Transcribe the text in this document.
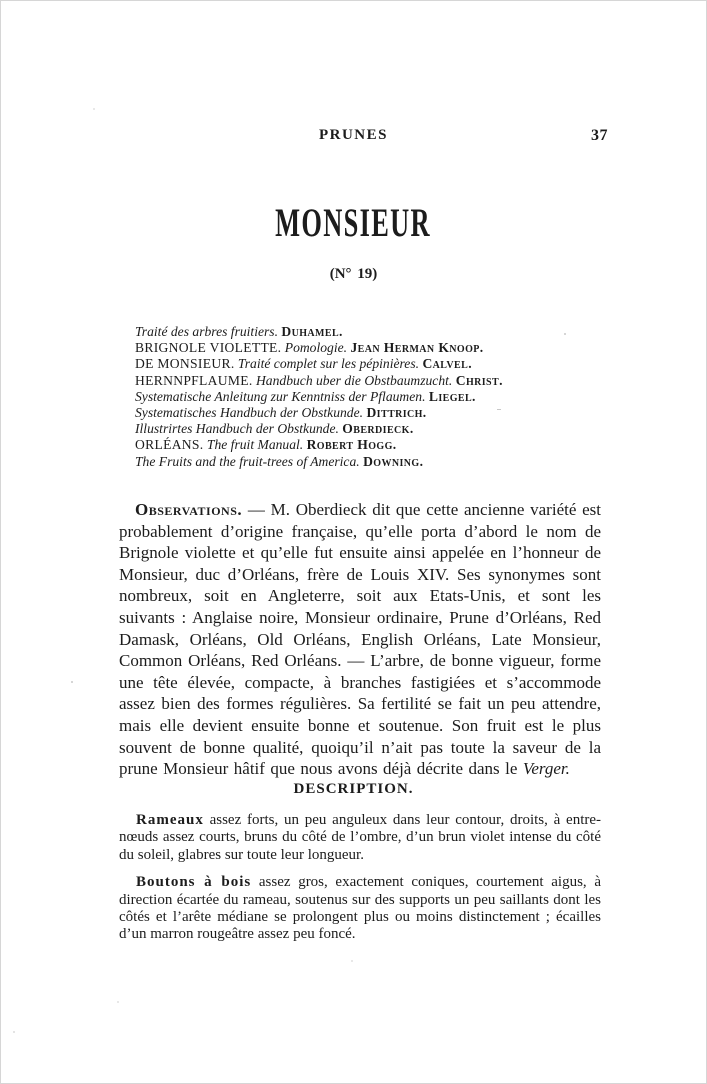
PRUNES	37
MONSIEUR
(N° 19)
Traité des arbres fruitiers. Duhamel.
BRIGNOLE VIOLETTE. Pomologie. Jean Herman Knoop.
DE MONSIEUR. Traité complet sur les pépinières. Calvel.
HERNNPFLAUME. Handbuch uber die Obstbaumzucht. Christ.
Systematische Anleitung zur Kenntniss der Pflaumen. Liegel.
Systematisches Handbuch der Obstkunde. Dittrich.
Illustrirtes Handbuch der Obstkunde. Oberdieck.
ORLÉANS. The fruit Manual. Robert Hogg.
The Fruits and the fruit-trees of America. Downing.

Observations. — M. Oberdieck dit que cette ancienne variété est probablement d’origine française, qu’elle porta d’abord le nom de Brignole violette et qu’elle fut ensuite ainsi appelée en l’honneur de Monsieur, duc d’Orléans, frère de Louis XIV. Ses synonymes sont nombreux, soit en Angleterre, soit aux Etats-Unis, et sont les suivants : Anglaise noire, Monsieur ordinaire, Prune d’Orléans, Red Damask, Orléans, Old Orléans, English Orléans, Late Monsieur, Common Orléans, Red Orléans. — L’arbre, de bonne vigueur, forme une tête élevée, compacte, à branches fastigiées et s’accommode assez bien des formes régulières. Sa fertilité se fait un peu attendre, mais elle devient ensuite bonne et soutenue. Son fruit est le plus souvent de bonne qualité, quoiqu’il n’ait pas toute la saveur de la prune Monsieur hâtif que nous avons déjà décrite dans le Verger.

DESCRIPTION.

Rameaux assez forts, un peu anguleux dans leur contour, droits, à entre-nœuds assez courts, bruns du côté de l’ombre, d’un brun violet intense du côté du soleil, glabres sur toute leur longueur.

Boutons à bois assez gros, exactement coniques, courtement aigus, à direction écartée du rameau, soutenus sur des supports un peu saillants dont les côtés et l’arête médiane se prolongent plus ou moins distinctement ; écailles d’un marron rougeâtre assez peu foncé.
